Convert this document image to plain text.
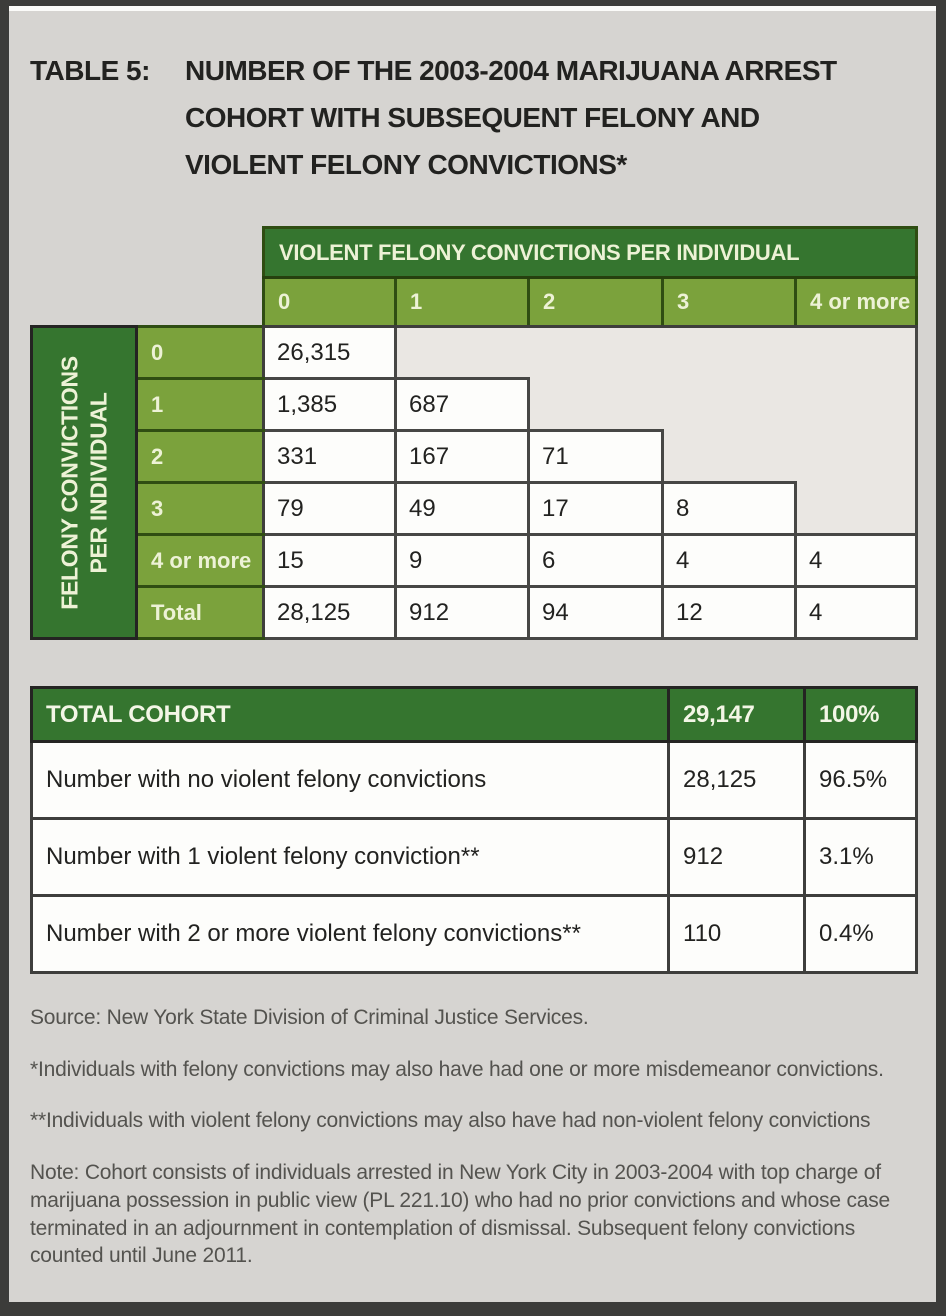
TABLE 5:	NUMBER OF THE 2003-2004 MARIJUANA ARREST
COHORT WITH SUBSEQUENT FELONY AND
VIOLENT FELONY CONVICTIONS*
		VIOLENT FELONY CONVICTIONS PER INDIVIDUAL				
		0	1	2	3	4 or more

FELONY CONVICTIONS PER INDIVIDUAL	0	26,315				
	1	1,385	687			
	2	331	167	71		
	3	79	49	17	8	
	4 or more	15	9	6	4	4
	Total	28,125	912	94	12	4
TOTAL COHORT	29,147	100%

Number with no violent felony convictions	28,125	96.5%

Number with 1 violent felony conviction**	912	3.1%

Number with 2 or more violent felony convictions**	110	0.4%

Source: New York State Division of Criminal Justice Services.

*Individuals with felony convictions may also have had one or more misdemeanor convictions.

**Individuals with violent felony convictions may also have had non-violent felony convictions

Note: Cohort consists of individuals arrested in New York City in 2003-2004 with top charge of marijuana possession in public view (PL 221.10) who had no prior convictions and whose case terminated in an adjournment in contemplation of dismissal. Subsequent felony convictions counted until June 2011.
